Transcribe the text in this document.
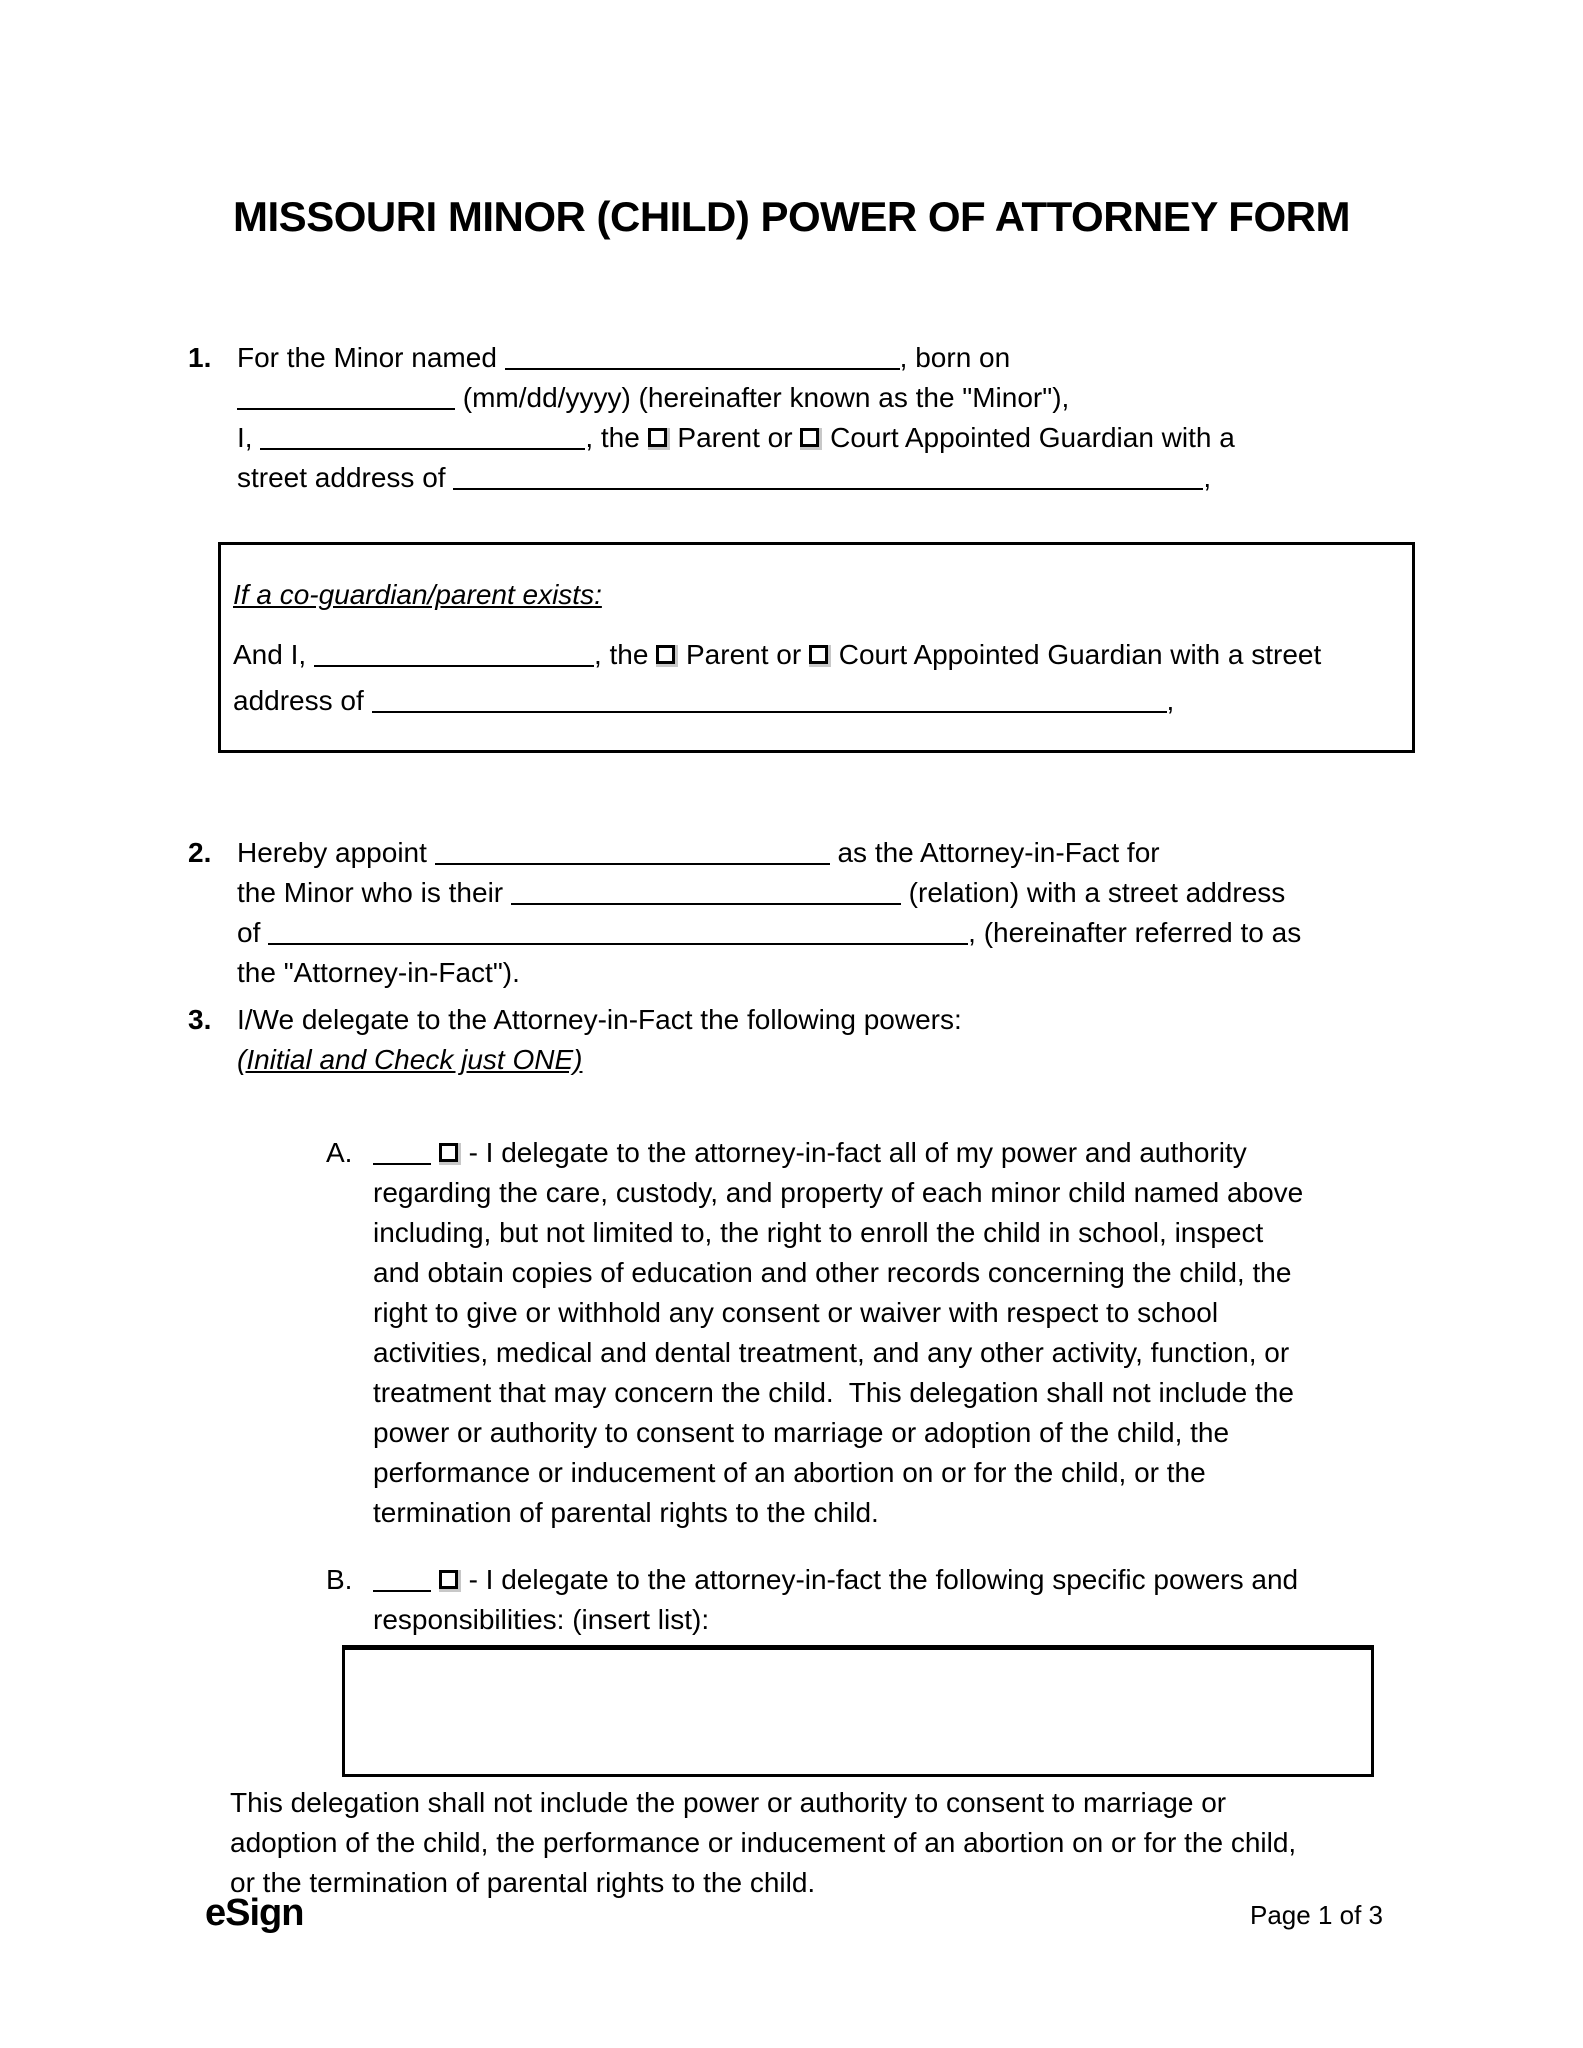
MISSOURI MINOR (CHILD) POWER OF ATTORNEY FORM
1. For the Minor named	, born on
(mm/dd/yyyy) (hereinafter known as the "Minor"),
I,	, the Parent or Court Appointed Guardian with a
street address of	,
If a co-guardian/parent exists:
And I,	, the Parent or Court Appointed Guardian with a street
address of	,
2. Hereby appoint	as the Attorney-in-Fact for
the Minor who is their	(relation) with a street address
of	, (hereinafter referred to as
the "Attorney-in-Fact").
3. I/We delegate to the Attorney-in-Fact the following powers:
(Initial and Check just ONE)
A.	- I delegate to the attorney-in-fact all of my power and authority
regarding the care, custody, and property of each minor child named above
including, but not limited to, the right to enroll the child in school, inspect
and obtain copies of education and other records concerning the child, the
right to give or withhold any consent or waiver with respect to school
activities, medical and dental treatment, and any other activity, function, or
treatment that may concern the child.  This delegation shall not include the
power or authority to consent to marriage or adoption of the child, the
performance or inducement of an abortion on or for the child, or the
termination of parental rights to the child.
B.	- I delegate to the attorney-in-fact the following specific powers and
responsibilities: (insert list):
This delegation shall not include the power or authority to consent to marriage or
adoption of the child, the performance or inducement of an abortion on or for the child,
or the termination of parental rights to the child.
eSign	Page 1 of 3
